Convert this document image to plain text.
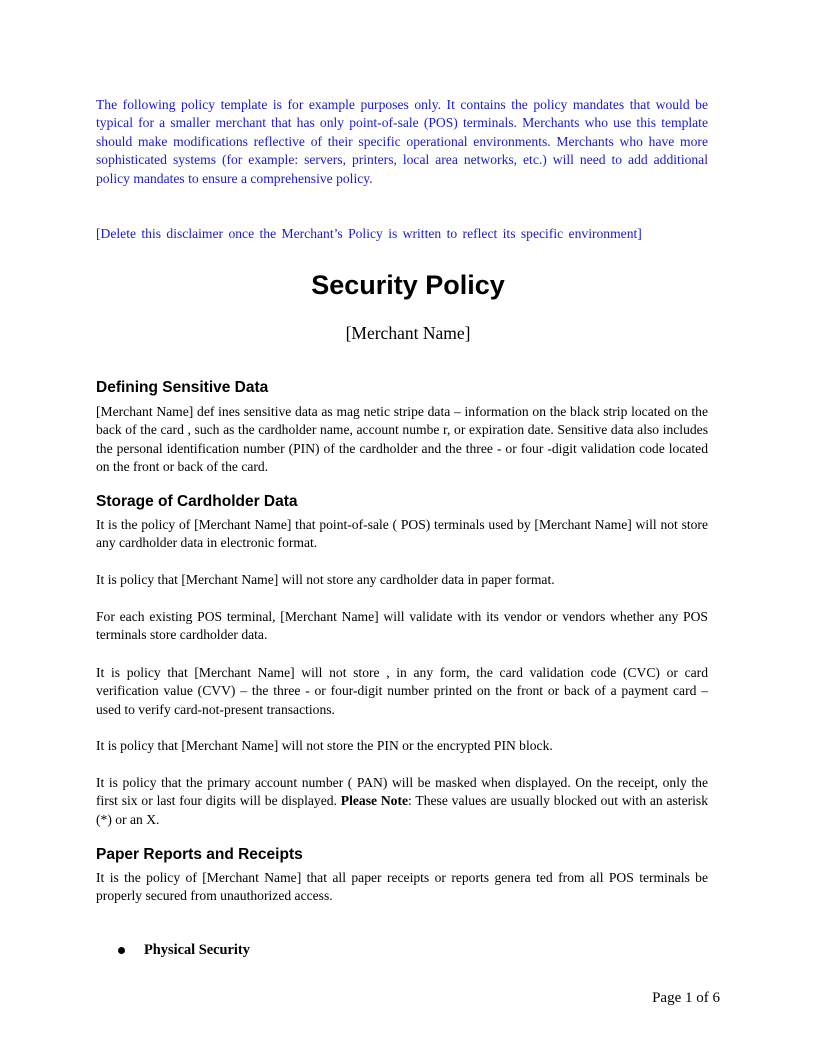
The following policy template is for example purposes only. It contains the policy mandates that would be typical for a smaller merchant that has only point-of-sale (POS) terminals. Merchants who use this template should make modifications reflective of their specific operational environments. Merchants who have more sophisticated systems (for example: servers, printers, local area networks, etc.) will need to add additional policy mandates to ensure a comprehensive policy.

[Delete this disclaimer once the Merchant’s Policy is written to reflect its specific environment]

Security Policy

[Merchant Name]

Defining Sensitive Data

[Merchant Name] def ines sensitive data as mag netic stripe data – information on the black strip located on the back of the card , such as the cardholder name, account numbe r, or expiration date. Sensitive data also includes the personal identification number (PIN) of the cardholder and the three - or four -digit validation code located on the front or back of the card.

Storage of Cardholder Data

It is the policy of [Merchant Name] that point-of-sale ( POS) terminals used by [Merchant Name] will not store any cardholder data in electronic format.

It is policy that [Merchant Name] will not store any cardholder data in paper format.

For each existing POS terminal, [Merchant Name] will validate with its vendor or vendors whether any POS terminals store cardholder data.

It is policy that [Merchant Name] will not store , in any form, the card validation code (CVC) or card verification value (CVV) – the three - or four-digit number printed on the front or back of a payment card – used to verify card-not-present transactions.

It is policy that [Merchant Name] will not store the PIN or the encrypted PIN block.

It is policy that the primary account number ( PAN) will be masked when displayed. On the receipt, only the first six or last four digits will be displayed. Please Note: These values are usually blocked out with an asterisk (*) or an X.

Paper Reports and Receipts

It is the policy of [Merchant Name] that all paper receipts or reports genera ted from all POS terminals be properly secured from unauthorized access.

Physical Security
Page 1 of 6
